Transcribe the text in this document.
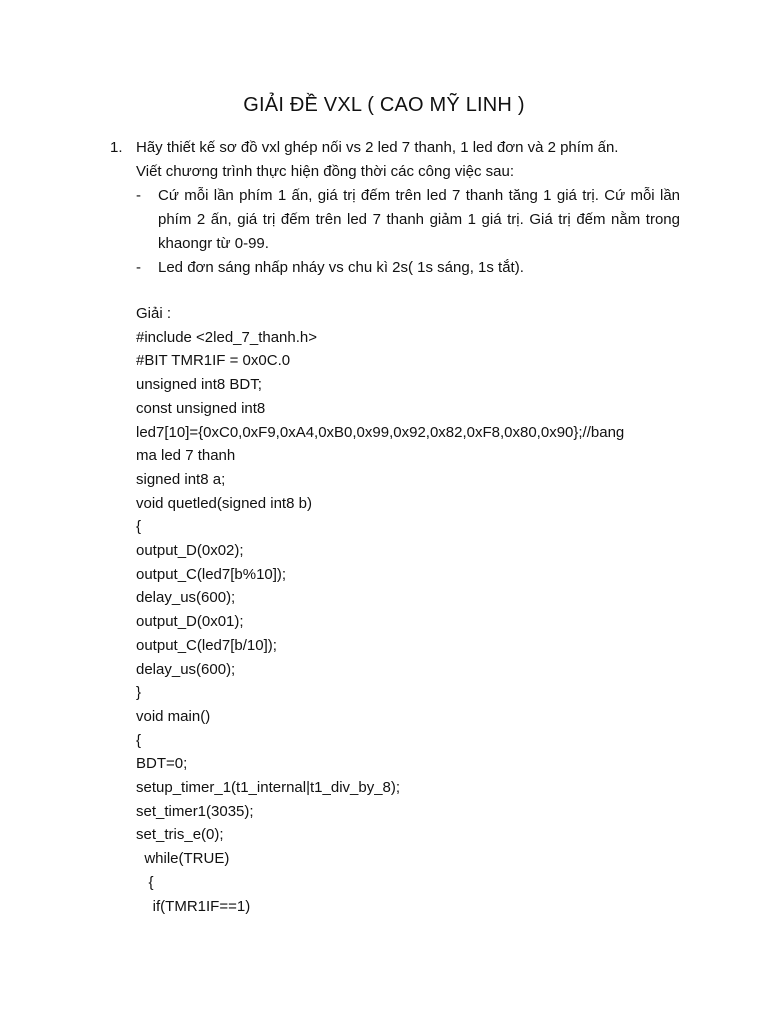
GIẢI ĐỀ VXL ( CAO MỸ LINH )
1. Hãy thiết kế sơ đồ vxl ghép nối vs 2 led 7 thanh, 1 led đơn và 2 phím ấn.
Viết chương trình thực hiện đồng thời các công việc sau:
- Cứ mỗi lần phím 1 ấn, giá trị đếm trên led 7 thanh tăng 1 giá trị. Cứ mỗi lần phím 2 ấn, giá trị đếm trên led 7 thanh giảm 1 giá trị. Giá trị đếm nằm trong khaongr từ 0-99.
- Led đơn sáng nhấp nháy vs chu kì 2s( 1s sáng, 1s tắt).
Giải :
#include <2led_7_thanh.h>
#BIT TMR1IF = 0x0C.0
unsigned int8 BDT;
const unsigned int8
led7[10]={0xC0,0xF9,0xA4,0xB0,0x99,0x92,0x82,0xF8,0x80,0x90};//bang
ma led 7 thanh
signed int8 a;
void quetled(signed int8 b)
{
output_D(0x02);
output_C(led7[b%10]);
delay_us(600);
output_D(0x01);
output_C(led7[b/10]);
delay_us(600);
}
void main()
{
BDT=0;
setup_timer_1(t1_internal|t1_div_by_8);
set_timer1(3035);
set_tris_e(0);
while(TRUE)
{
if(TMR1IF==1)
